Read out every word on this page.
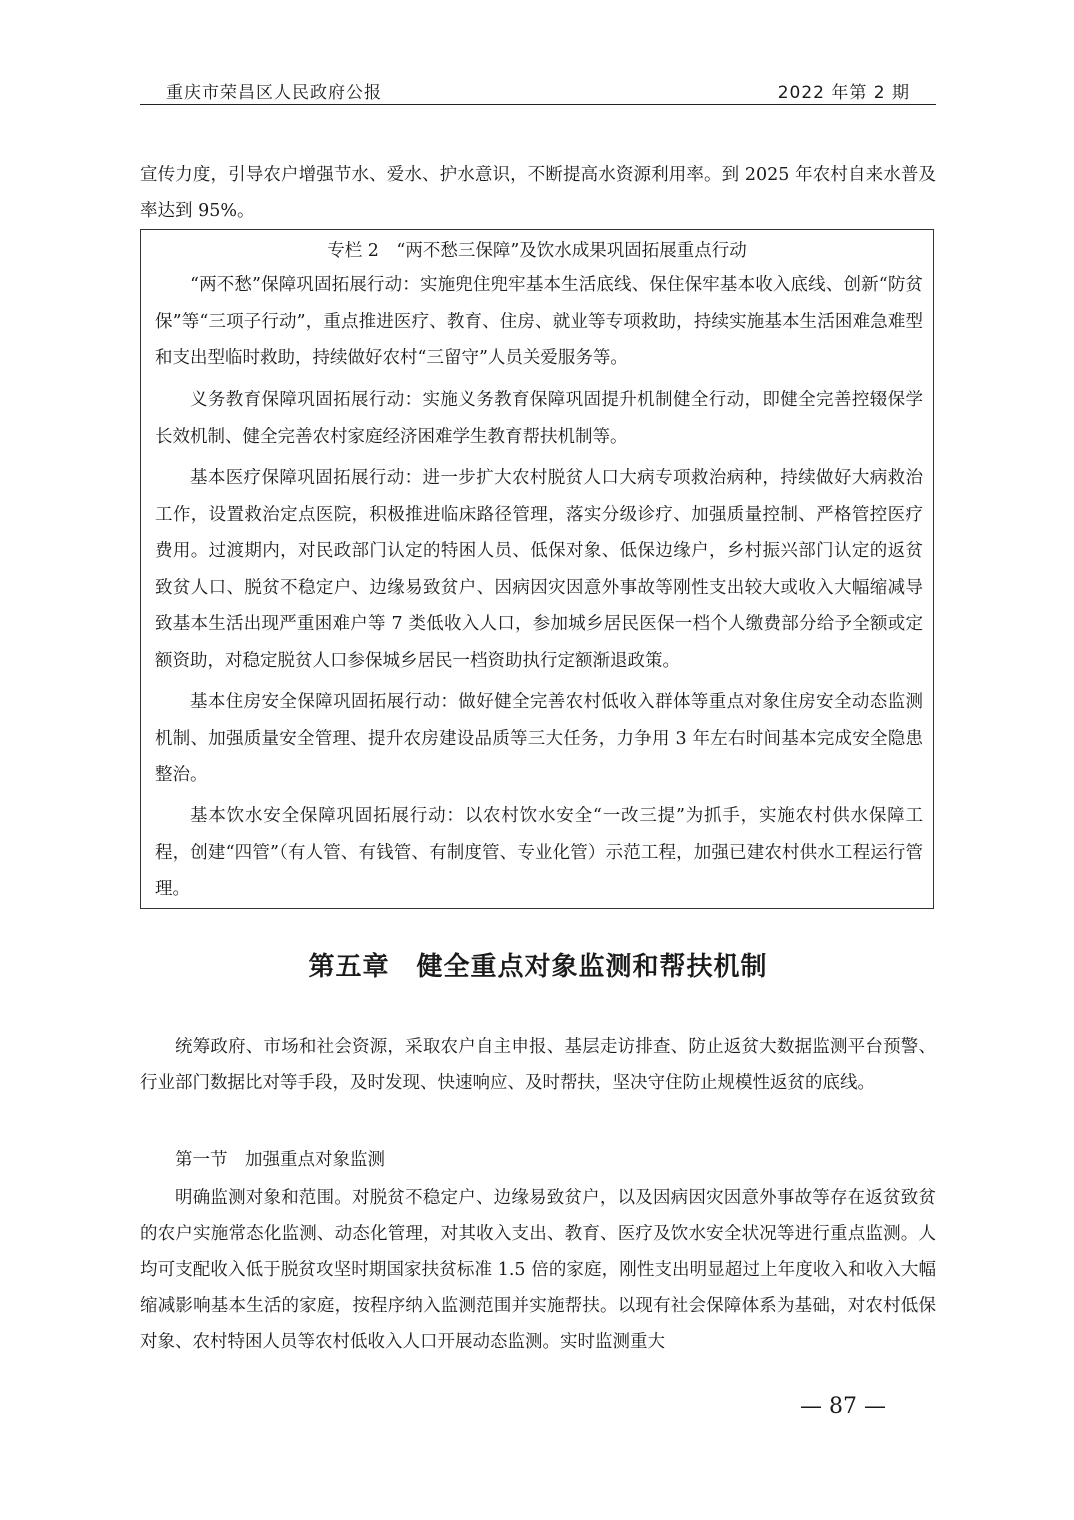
重庆市荣昌区人民政府公报	2022 年第 2 期

宣传力度，引导农户增强节水、爱水、护水意识，不断提高水资源利用率。到 2025 年农村自来水普及率达到 95%。

专栏 2　“两不愁三保障”及饮水成果巩固拓展重点行动

“两不愁”保障巩固拓展行动：实施兜住兜牢基本生活底线、保住保牢基本收入底线、创新“防贫保”等“三项子行动”，重点推进医疗、教育、住房、就业等专项救助，持续实施基本生活困难急难型和支出型临时救助，持续做好农村“三留守”人员关爱服务等。

义务教育保障巩固拓展行动：实施义务教育保障巩固提升机制健全行动，即健全完善控辍保学长效机制、健全完善农村家庭经济困难学生教育帮扶机制等。

基本医疗保障巩固拓展行动：进一步扩大农村脱贫人口大病专项救治病种，持续做好大病救治工作，设置救治定点医院，积极推进临床路径管理，落实分级诊疗、加强质量控制、严格管控医疗费用。过渡期内，对民政部门认定的特困人员、低保对象、低保边缘户，乡村振兴部门认定的返贫致贫人口、脱贫不稳定户、边缘易致贫户、因病因灾因意外事故等刚性支出较大或收入大幅缩减导致基本生活出现严重困难户等 7 类低收入人口，参加城乡居民医保一档个人缴费部分给予全额或定额资助，对稳定脱贫人口参保城乡居民一档资助执行定额渐退政策。

基本住房安全保障巩固拓展行动：做好健全完善农村低收入群体等重点对象住房安全动态监测机制、加强质量安全管理、提升农房建设品质等三大任务，力争用 3 年左右时间基本完成安全隐患整治。

基本饮水安全保障巩固拓展行动：以农村饮水安全“一改三提”为抓手，实施农村供水保障工程，创建“四管”（有人管、有钱管、有制度管、专业化管）示范工程，加强已建农村供水工程运行管理。

第五章　健全重点对象监测和帮扶机制

统筹政府、市场和社会资源，采取农户自主申报、基层走访排查、防止返贫大数据监测平台预警、行业部门数据比对等手段，及时发现、快速响应、及时帮扶，坚决守住防止规模性返贫的底线。

第一节　加强重点对象监测

明确监测对象和范围。对脱贫不稳定户、边缘易致贫户，以及因病因灾因意外事故等存在返贫致贫的农户实施常态化监测、动态化管理，对其收入支出、教育、医疗及饮水安全状况等进行重点监测。人均可支配收入低于脱贫攻坚时期国家扶贫标准 1.5 倍的家庭，刚性支出明显超过上年度收入和收入大幅缩减影响基本生活的家庭，按程序纳入监测范围并实施帮扶。以现有社会保障体系为基础，对农村低保对象、农村特困人员等农村低收入人口开展动态监测。实时监测重大

— 87 —
